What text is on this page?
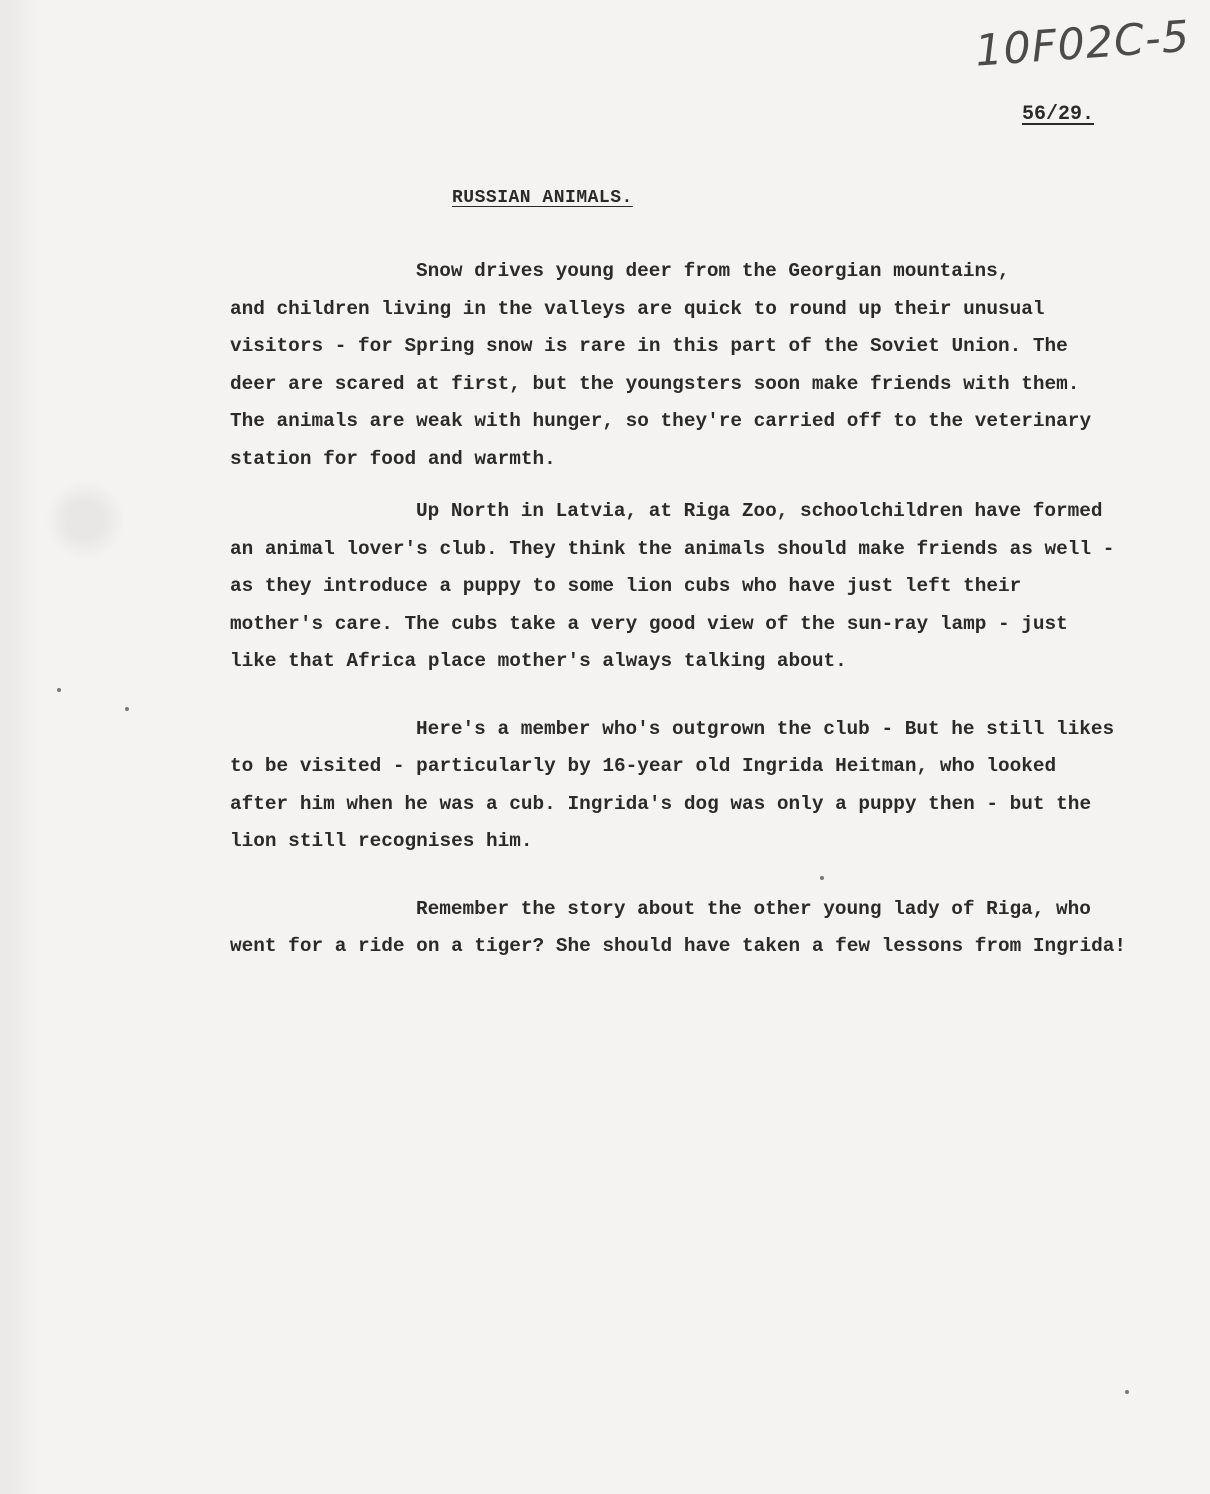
10F02C-5
56/29.
RUSSIAN ANIMALS.

Snow drives young deer from the Georgian mountains,
and children living in the valleys are quick to round up their unusual
visitors - for Spring snow is rare in this part of the Soviet Union. The
deer are scared at first, but the youngsters soon make friends with them.
The animals are weak with hunger, so they're carried off to the veterinary
station for food and warmth.

Up North in Latvia, at Riga Zoo, schoolchildren have formed
an animal lover's club. They think the animals should make friends as well -
as they introduce a puppy to some lion cubs who have just left their
mother's care. The cubs take a very good view of the sun-ray lamp - just
like that Africa place mother's always talking about.

Here's a member who's outgrown the club - But he still likes
to be visited - particularly by 16-year old Ingrida Heitman, who looked
after him when he was a cub. Ingrida's dog was only a puppy then - but the
lion still recognises him.

Remember the story about the other young lady of Riga, who
went for a ride on a tiger? She should have taken a few lessons from Ingrida!
